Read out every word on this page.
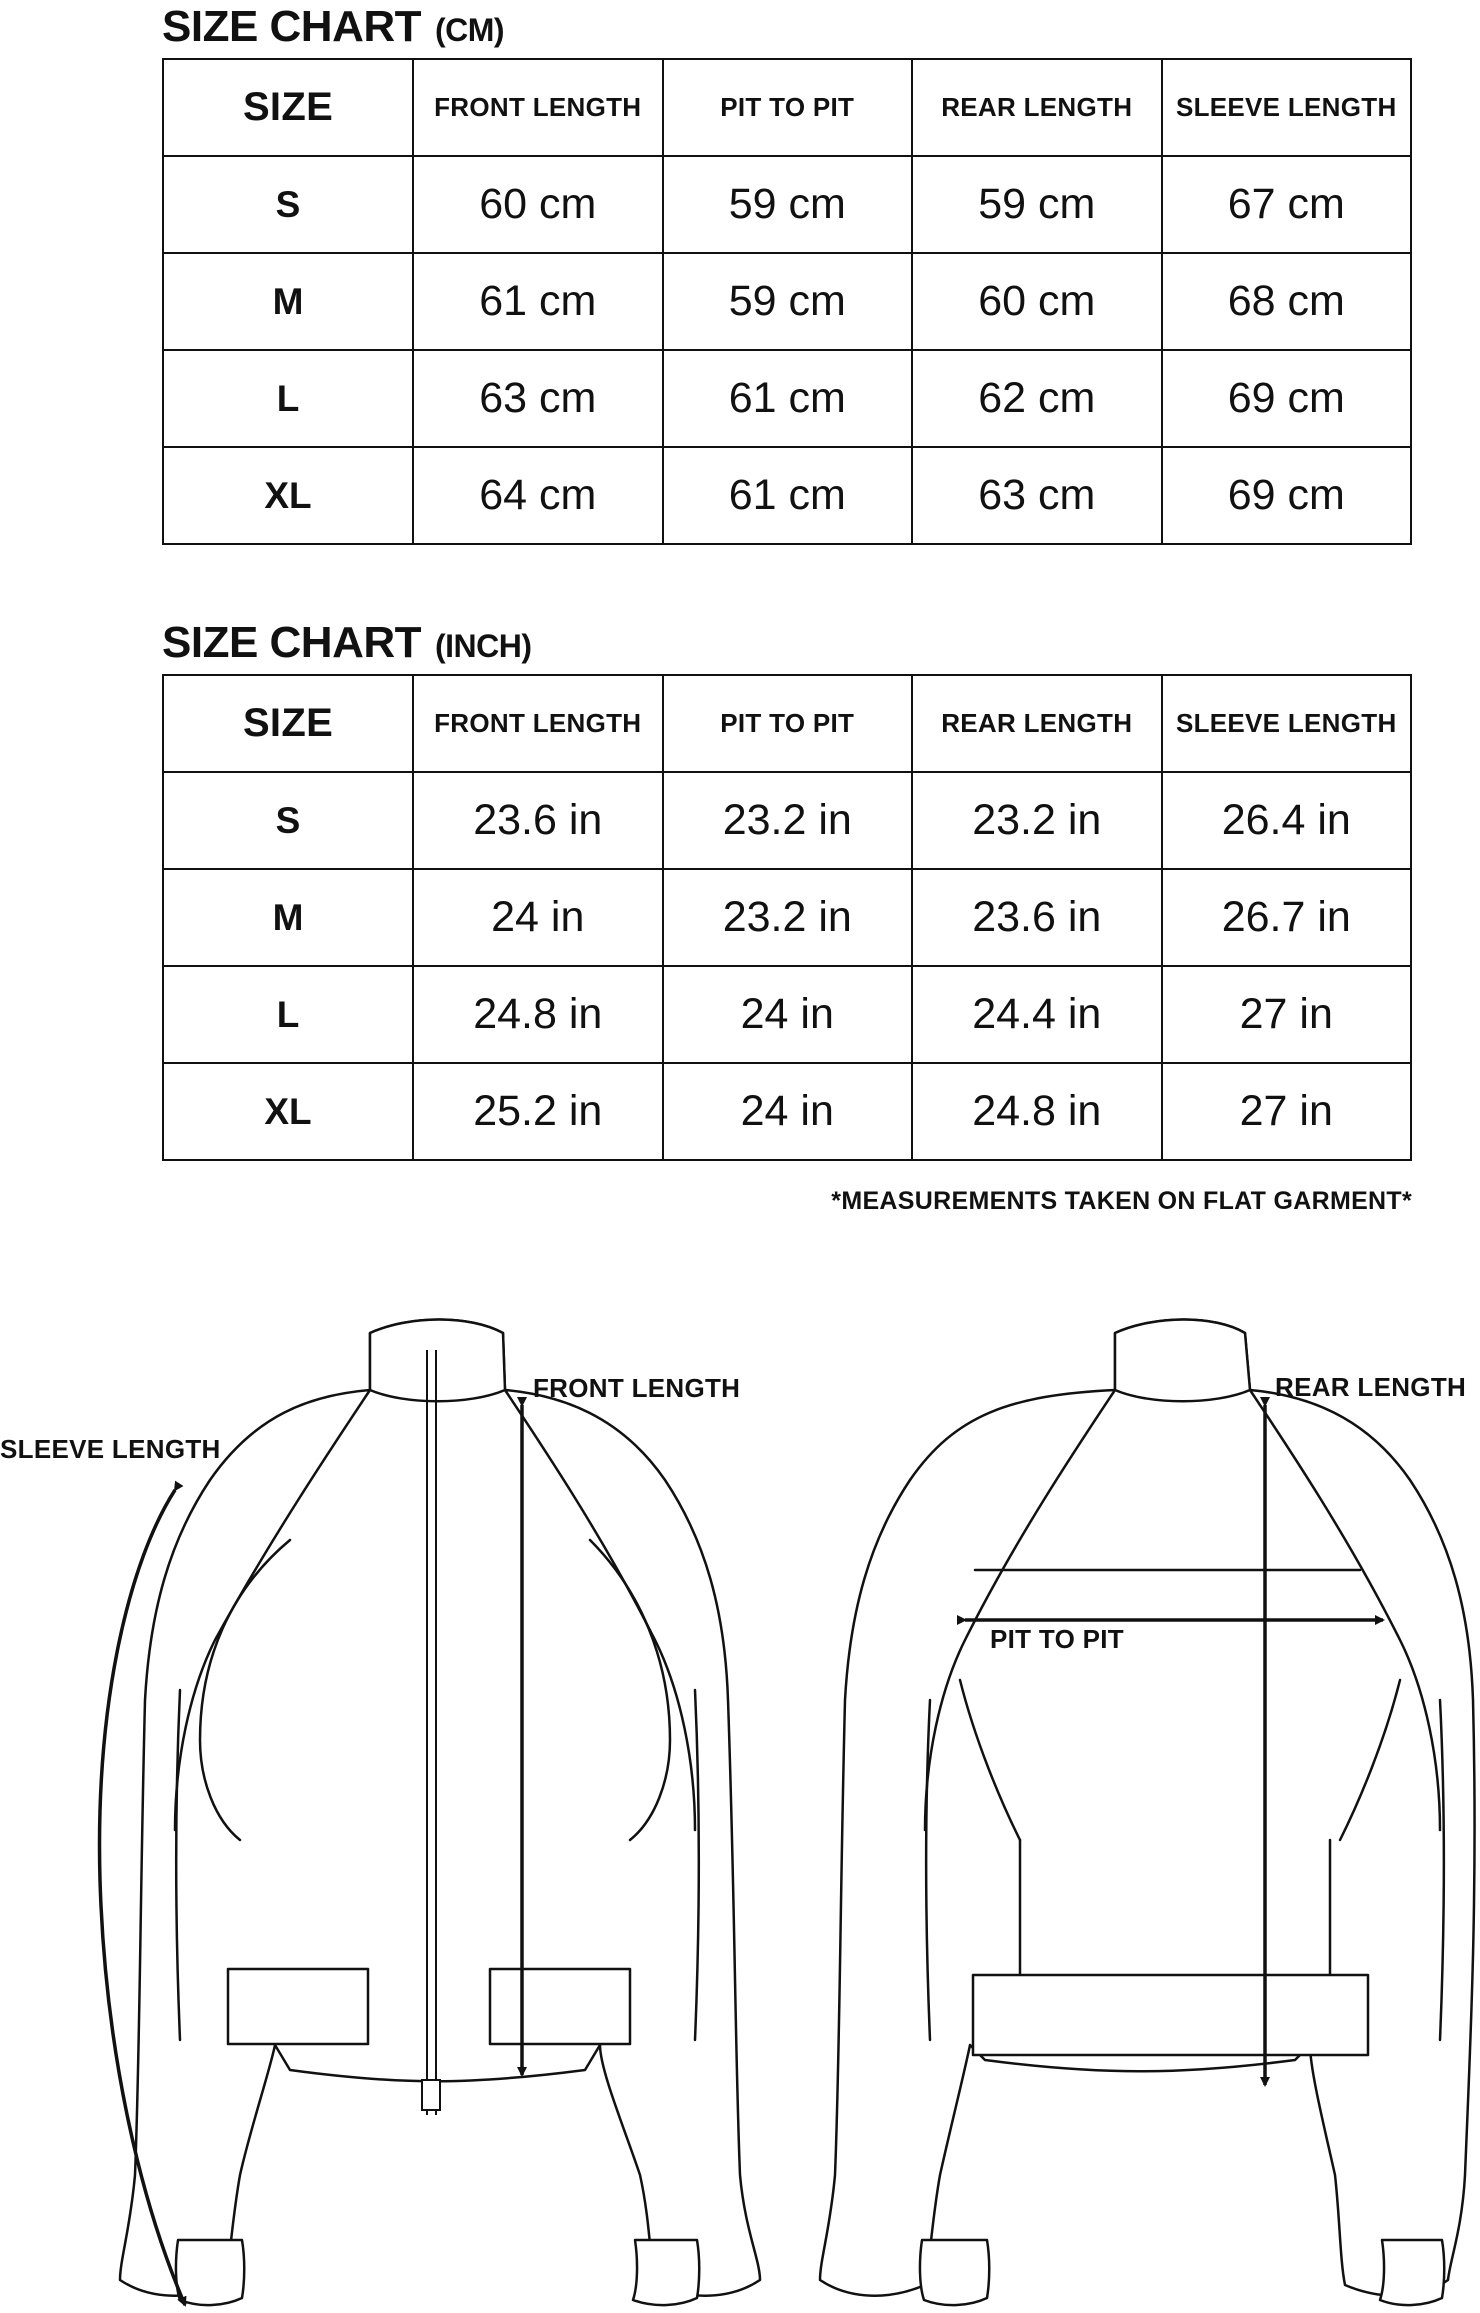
SIZE CHART (CM)
SIZE	FRONT LENGTH	PIT TO PIT	REAR LENGTH	SLEEVE LENGTH
S	60 cm	59 cm	59 cm	67 cm
M	61 cm	59 cm	60 cm	68 cm
L	63 cm	61 cm	62 cm	69 cm
XL	64 cm	61 cm	63 cm	69 cm
SIZE CHART (INCH)
SIZE	FRONT LENGTH	PIT TO PIT	REAR LENGTH	SLEEVE LENGTH
S	23.6 in	23.2 in	23.2 in	26.4 in
M	24 in	23.2 in	23.6 in	26.7 in
L	24.8 in	24 in	24.4 in	27 in
XL	25.2 in	24 in	24.8 in	27 in
*MEASUREMENTS TAKEN ON FLAT GARMENT*
FRONT LENGTH
SLEEVE LENGTH
REAR LENGTH
PIT TO PIT
